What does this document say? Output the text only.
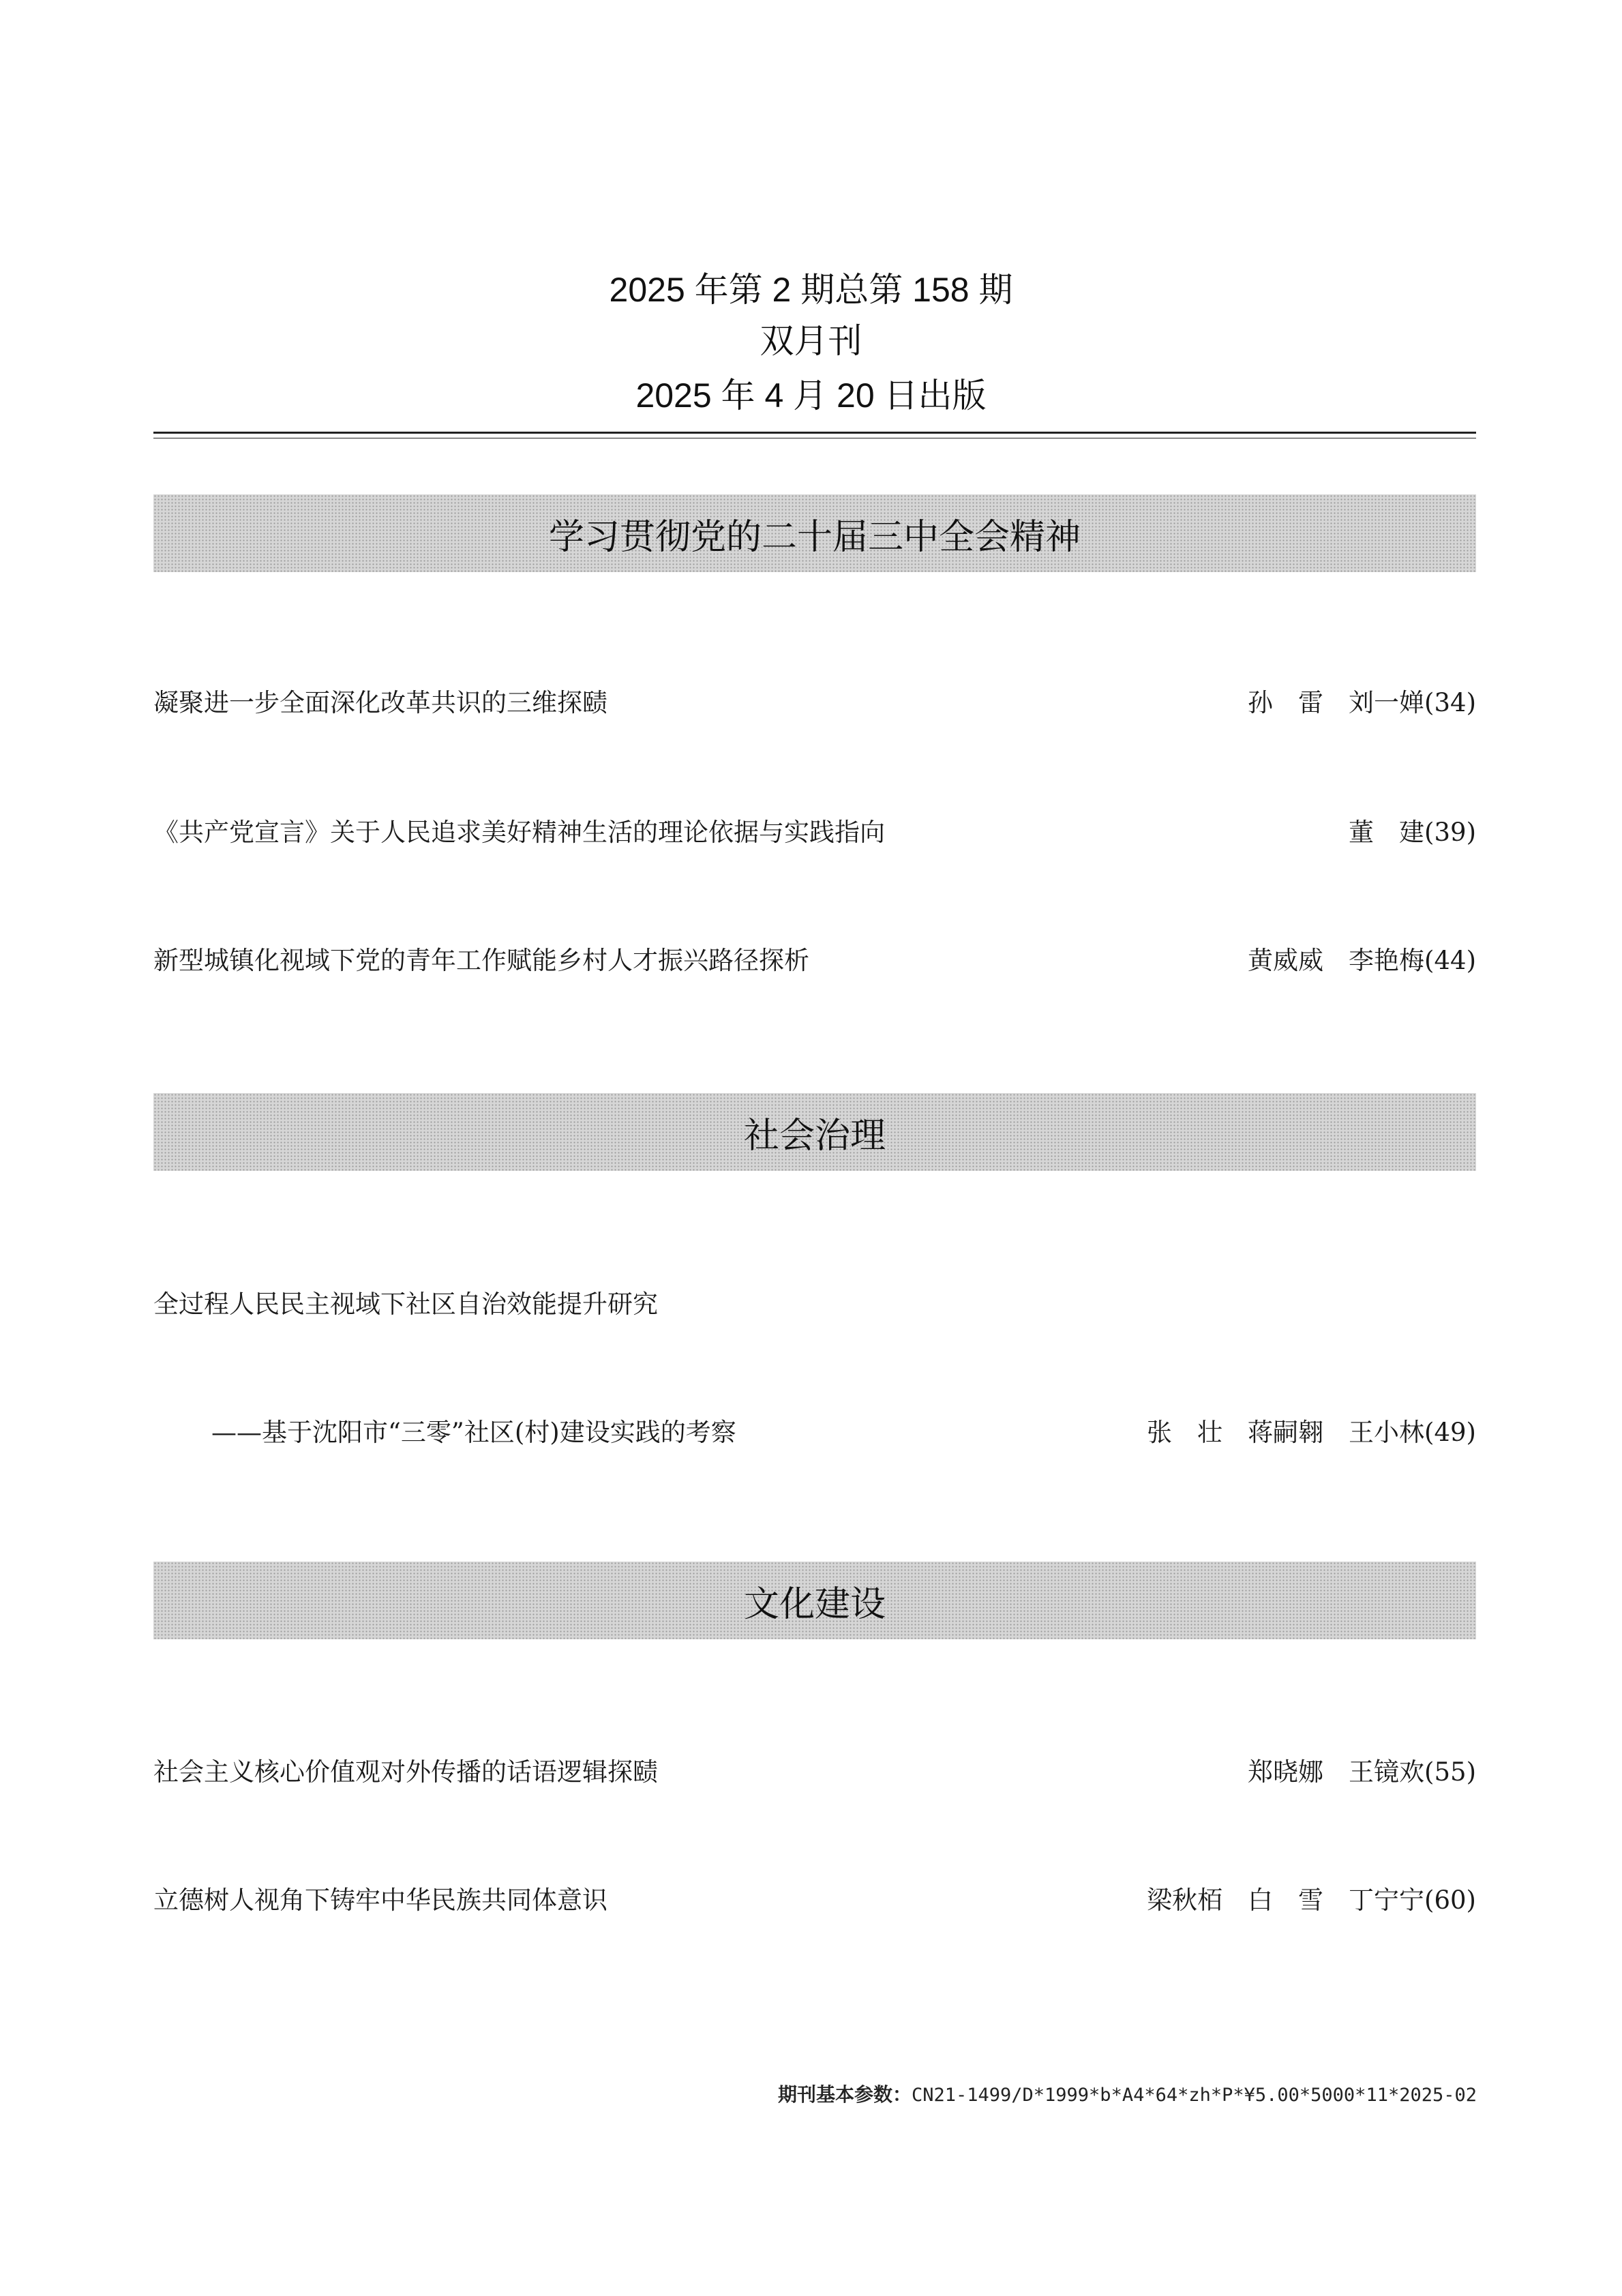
2025 年第 2 期总第 158 期
双月刊
2025 年 4 月 20 日出版
学习贯彻党的二十届三中全会精神
凝聚进一步全面深化改革共识的三维探赜	孙　雷　刘一婵(34)
《共产党宣言》关于人民追求美好精神生活的理论依据与实践指向	董　建(39)
新型城镇化视域下党的青年工作赋能乡村人才振兴路径探析	黄威威　李艳梅(44)
社会治理
全过程人民民主视域下社区自治效能提升研究
——基于沈阳市“三零”社区(村)建设实践的考察	张　壮　蒋嗣翱　王小林(49)
文化建设
社会主义核心价值观对外传播的话语逻辑探赜	郑晓娜　王镜欢(55)
立德树人视角下铸牢中华民族共同体意识	梁秋栢　白　雪　丁宁宁(60)
期刊基本参数：CN21-1499/D*1999*b*A4*64*zh*P*¥5.00*5000*11*2025-02
